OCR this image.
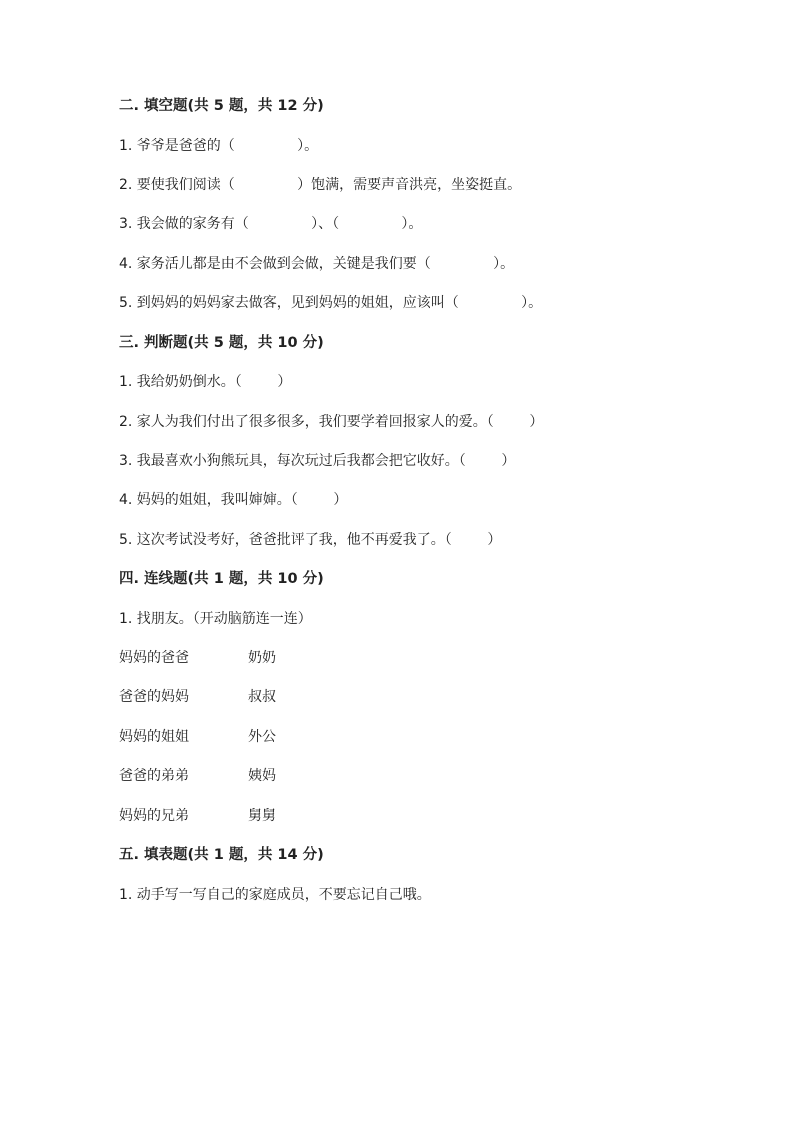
二. 填空题(共 5 题，共 12 分)
1. 爷爷是爸爸的（              ）。
2. 要使我们阅读（              ）饱满，需要声音洪亮，坐姿挺直。
3. 我会做的家务有（              ）、（              ）。
4. 家务活儿都是由不会做到会做，关键是我们要（              ）。
5. 到妈妈的妈妈家去做客，见到妈妈的姐姐，应该叫（              ）。
三. 判断题(共 5 题，共 10 分)
1. 我给奶奶倒水。（        ）
2. 家人为我们付出了很多很多，我们要学着回报家人的爱。（        ）
3. 我最喜欢小狗熊玩具，每次玩过后我都会把它收好。（        ）
4. 妈妈的姐姐，我叫婶婶。（        ）
5. 这次考试没考好，爸爸批评了我，他不再爱我了。（        ）
四. 连线题(共 1 题，共 10 分)
1. 找朋友。（开动脑筋连一连）
妈妈的爸爸	奶奶
爸爸的妈妈	叔叔
妈妈的姐姐	外公
爸爸的弟弟	姨妈
妈妈的兄弟	舅舅
五. 填表题(共 1 题，共 14 分)
1. 动手写一写自己的家庭成员，不要忘记自己哦。
